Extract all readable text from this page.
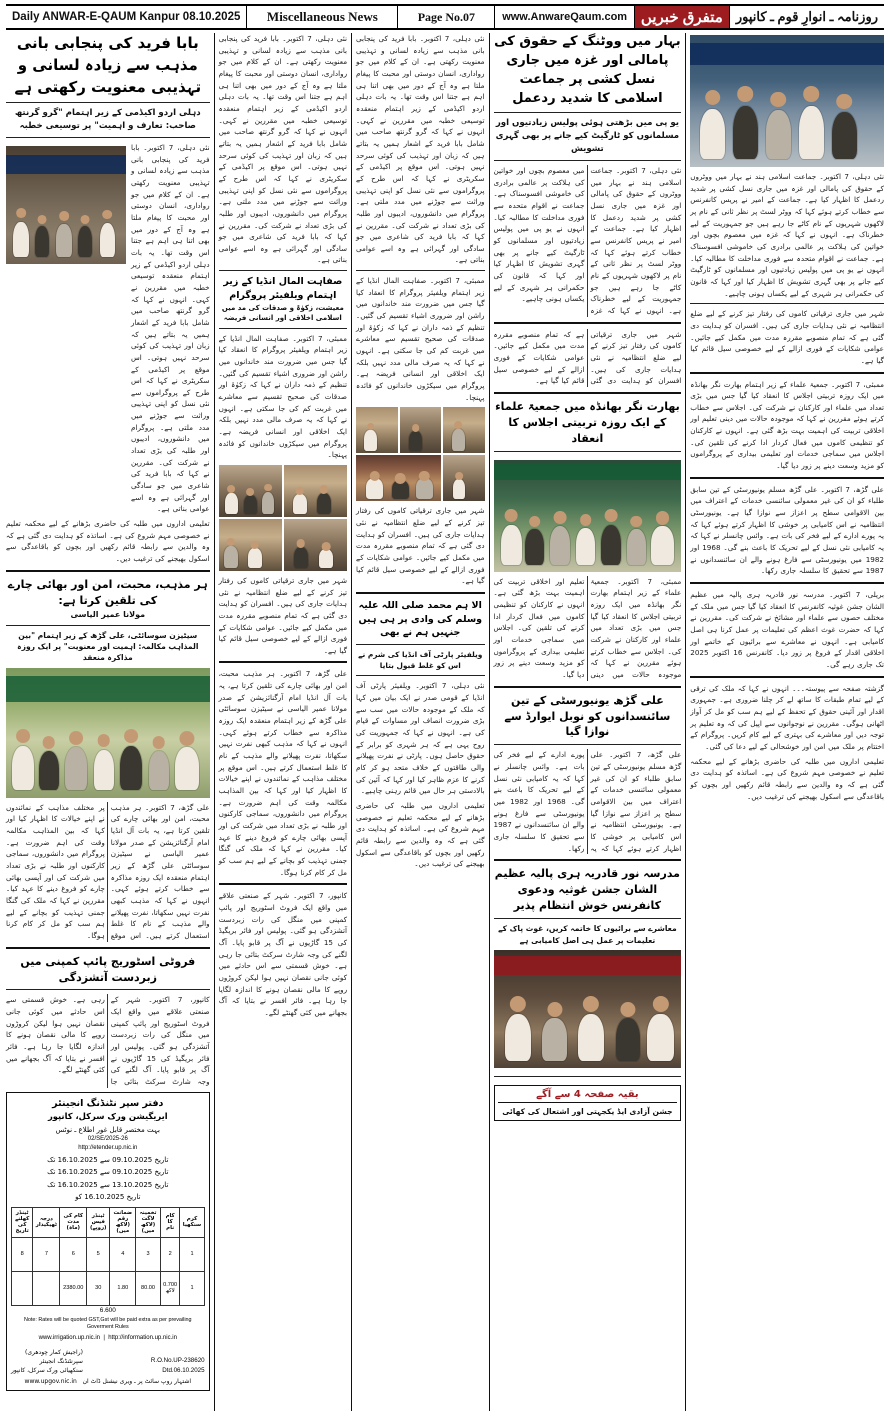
Daily ANWAR-E-QAUM Kanpur 08.10.2025	Miscellaneous News	Page No.07	www.AnwareQaum.com متفرق خبریں	روزنامہ ـ انوارِ قوم ـ کانپور
بابا فرید کی پنجابی بانی مذہب سے زیادہ لسانی و تہذیبی معنویت رکھتی ہے
دہلی اردو اکیڈمی کے زیر اہتمام "گرو گرنتھ صاحب: تعارف و اہمیت" پر توسیعی خطبہ
نئی دہلی، 7 اکتوبر۔ بابا فرید کی پنجابی بانی مذہب سے زیادہ لسانی و تہذیبی معنویت رکھتی ہے۔ ان کے کلام میں جو رواداری، انسان دوستی اور محبت کا پیغام ملتا ہے وہ آج کے دور میں بھی اتنا ہی اہم ہے جتنا اس وقت تھا۔ یہ بات دہلی اردو اکیڈمی کے زیر اہتمام منعقدہ توسیعی خطبہ میں مقررین نے کہی۔ انہوں نے کہا کہ گرو گرنتھ صاحب میں شامل بابا فرید کے اشعار ہمیں یہ بتاتے ہیں کہ زبان اور تہذیب کی کوئی سرحد نہیں ہوتی۔ اس موقع پر اکیڈمی کے سکریٹری نے کہا کہ اس طرح کے پروگراموں سے نئی نسل کو اپنی تہذیبی وراثت سے جوڑنے میں مدد ملتی ہے۔ پروگرام میں دانشوروں، ادیبوں اور طلبہ کی بڑی تعداد نے شرکت کی۔ مقررین نے کہا کہ بابا فرید کی شاعری میں جو سادگی اور گہرائی ہے وہ اسے عوامی بناتی ہے۔
تعلیمی اداروں میں طلبہ کی حاضری بڑھانے کے لیے محکمہ تعلیم نے خصوصی مہم شروع کی ہے۔ اساتذہ کو ہدایت دی گئی ہے کہ وہ والدین سے رابطہ قائم رکھیں اور بچوں کو باقاعدگی سے اسکول بھیجنے کی ترغیب دیں۔
ہر مذہب، محبت، امن اور بھائی چارے کی تلقین کرتا ہے:
مولانا عمیر الیاسی
سیٹیزن سوسائٹی، علی گڑھ کے زیر اہتمام "بین المذاہب مکالمہ: اہمیت اور معنویت" پر ایک روزہ مذاکرہ منعقد
علی گڑھ، 7 اکتوبر۔ ہر مذہب محبت، امن اور بھائی چارے کی تلقین کرتا ہے، یہ بات آل انڈیا امام آرگنائزیشن کے صدر مولانا عمیر الیاسی نے سیٹیزن سوسائٹی علی گڑھ کے زیر اہتمام منعقدہ ایک روزہ مذاکرہ سے خطاب کرتے ہوئے کہی۔ انہوں نے کہا کہ مذہب کبھی نفرت نہیں سکھاتا، نفرت پھیلانے والے مذہب کے نام کا غلط استعمال کرتے ہیں۔ اس موقع پر مختلف مذاہب کے نمائندوں نے اپنے خیالات کا اظہار کیا اور کہا کہ بین المذاہب مکالمہ وقت کی اہم ضرورت ہے۔ پروگرام میں دانشوروں، سماجی کارکنوں اور طلبہ نے بڑی تعداد میں شرکت کی اور آپسی بھائی چارے کو فروغ دینے کا عہد کیا۔ مقررین نے کہا کہ ملک کی گنگا جمنی تہذیب کو بچانے کے لیے ہم سب کو مل کر کام کرنا ہوگا۔
فروٹی اسٹوریج پائپ کمپنی میں زبردست آتشزدگی
کانپور، 7 اکتوبر۔ شہر کے صنعتی علاقے میں واقع ایک فروٹ اسٹوریج اور پائپ کمپنی میں منگل کی رات زبردست آتشزدگی ہو گئی۔ پولیس اور فائر بریگیڈ کی 15 گاڑیوں نے آگ پر قابو پایا۔ آگ لگنے کی وجہ شارٹ سرکٹ بتائی جا رہی ہے۔ خوش قسمتی سے اس حادثے میں کوئی جانی نقصان نہیں ہوا لیکن کروڑوں روپے کا مالی نقصان ہونے کا اندازہ لگایا جا رہا ہے۔ فائر افسر نے بتایا کہ آگ بجھانے میں کئی گھنٹے لگے۔
دفتر سپر نٹنڈنگ انجینئر
ایریگیشن ورک سرکل، کانپور
بہت مختصر قابل غور اطلاع ـ نوٹس
02/SE/2025-26
http://etender.up.nic.in
تاریخ 09.10.2025 سے 16.10.2025 تک
تاریخ 09.10.2025 سے 16.10.2025 تک
تاریخ 13.10.2025 سے 16.10.2025 تک
تاریخ 16.10.2025 کو
ٹینڈر کھلنے کی تاریخ	درجہ ٹھیکیدار	کام کی مدت (ماہ)	ٹینڈر فیس (روپے)	ضمانت رقم (لاکھ میں)	تخمینہ لاگت (لاکھ میں)	کام کا نام	کرم سنکھیا
8	7	6	5	4	3	2	1
		2380.00	30	1.80	80.00	0.700 لاکھ	1
6.600
Note: Rates will be quoted GST,Gst will be paid extra as per prevailing Goverment Rules
www.irrigation.up.nic.in  |  http://information.up.nic.in
R.O.No.UP-238620
Dtd.06.10.2025
(راجیش کمار چودھری)
سپرنٹنڈنگ انجینئر
سنکھیائی ورک سرکل، کانپور
اشتہار روپ سائٹ پر ـ ویری نیشنل ڈاٹ ان   www.upgov.nic.in
نئی دہلی، 7 اکتوبر۔ بابا فرید کی پنجابی بانی مذہب سے زیادہ لسانی و تہذیبی معنویت رکھتی ہے۔ ان کے کلام میں جو رواداری، انسان دوستی اور محبت کا پیغام ملتا ہے وہ آج کے دور میں بھی اتنا ہی اہم ہے جتنا اس وقت تھا۔ یہ بات دہلی اردو اکیڈمی کے زیر اہتمام منعقدہ توسیعی خطبہ میں مقررین نے کہی۔ انہوں نے کہا کہ گرو گرنتھ صاحب میں شامل بابا فرید کے اشعار ہمیں یہ بتاتے ہیں کہ زبان اور تہذیب کی کوئی سرحد نہیں ہوتی۔ اس موقع پر اکیڈمی کے سکریٹری نے کہا کہ اس طرح کے پروگراموں سے نئی نسل کو اپنی تہذیبی وراثت سے جوڑنے میں مدد ملتی ہے۔ پروگرام میں دانشوروں، ادیبوں اور طلبہ کی بڑی تعداد نے شرکت کی۔ مقررین نے کہا کہ بابا فرید کی شاعری میں جو سادگی اور گہرائی ہے وہ اسے عوامی بناتی ہے۔
صفاہت المال انڈیا کے زیر اہتمام ویلفیئر پروگرام
معیشت، زکوٰۃ و صدقات کی مد میں اسلامی اخلاقی اور انسانی فریضہ
ممبئی، 7 اکتوبر۔ صفاہت المال انڈیا کے زیر اہتمام ویلفیئر پروگرام کا انعقاد کیا گیا جس میں ضرورت مند خاندانوں میں راشن اور ضروری اشیاء تقسیم کی گئیں۔ تنظیم کے ذمہ داران نے کہا کہ زکوٰۃ اور صدقات کی صحیح تقسیم سے معاشرے میں غربت کم کی جا سکتی ہے۔ انہوں نے کہا کہ یہ صرف مالی مدد نہیں بلکہ ایک اخلاقی اور انسانی فریضہ ہے۔ پروگرام میں سیکڑوں خاندانوں کو فائدہ پہنچا۔
شہر میں جاری ترقیاتی کاموں کی رفتار تیز کرنے کے لیے ضلع انتظامیہ نے نئی ہدایات جاری کی ہیں۔ افسران کو ہدایت دی گئی ہے کہ تمام منصوبے مقررہ مدت میں مکمل کیے جائیں۔ عوامی شکایات کے فوری ازالے کے لیے خصوصی سیل قائم کیا گیا ہے۔
علی گڑھ، 7 اکتوبر۔ ہر مذہب محبت، امن اور بھائی چارے کی تلقین کرتا ہے، یہ بات آل انڈیا امام آرگنائزیشن کے صدر مولانا عمیر الیاسی نے سیٹیزن سوسائٹی علی گڑھ کے زیر اہتمام منعقدہ ایک روزہ مذاکرہ سے خطاب کرتے ہوئے کہی۔ انہوں نے کہا کہ مذہب کبھی نفرت نہیں سکھاتا، نفرت پھیلانے والے مذہب کے نام کا غلط استعمال کرتے ہیں۔ اس موقع پر مختلف مذاہب کے نمائندوں نے اپنے خیالات کا اظہار کیا اور کہا کہ بین المذاہب مکالمہ وقت کی اہم ضرورت ہے۔ پروگرام میں دانشوروں، سماجی کارکنوں اور طلبہ نے بڑی تعداد میں شرکت کی اور آپسی بھائی چارے کو فروغ دینے کا عہد کیا۔ مقررین نے کہا کہ ملک کی گنگا جمنی تہذیب کو بچانے کے لیے ہم سب کو مل کر کام کرنا ہوگا۔
کانپور، 7 اکتوبر۔ شہر کے صنعتی علاقے میں واقع ایک فروٹ اسٹوریج اور پائپ کمپنی میں منگل کی رات زبردست آتشزدگی ہو گئی۔ پولیس اور فائر بریگیڈ کی 15 گاڑیوں نے آگ پر قابو پایا۔ آگ لگنے کی وجہ شارٹ سرکٹ بتائی جا رہی ہے۔ خوش قسمتی سے اس حادثے میں کوئی جانی نقصان نہیں ہوا لیکن کروڑوں روپے کا مالی نقصان ہونے کا اندازہ لگایا جا رہا ہے۔ فائر افسر نے بتایا کہ آگ بجھانے میں کئی گھنٹے لگے۔
نئی دہلی، 7 اکتوبر۔ بابا فرید کی پنجابی بانی مذہب سے زیادہ لسانی و تہذیبی معنویت رکھتی ہے۔ ان کے کلام میں جو رواداری، انسان دوستی اور محبت کا پیغام ملتا ہے وہ آج کے دور میں بھی اتنا ہی اہم ہے جتنا اس وقت تھا۔ یہ بات دہلی اردو اکیڈمی کے زیر اہتمام منعقدہ توسیعی خطبہ میں مقررین نے کہی۔ انہوں نے کہا کہ گرو گرنتھ صاحب میں شامل بابا فرید کے اشعار ہمیں یہ بتاتے ہیں کہ زبان اور تہذیب کی کوئی سرحد نہیں ہوتی۔ اس موقع پر اکیڈمی کے سکریٹری نے کہا کہ اس طرح کے پروگراموں سے نئی نسل کو اپنی تہذیبی وراثت سے جوڑنے میں مدد ملتی ہے۔ پروگرام میں دانشوروں، ادیبوں اور طلبہ کی بڑی تعداد نے شرکت کی۔ مقررین نے کہا کہ بابا فرید کی شاعری میں جو سادگی اور گہرائی ہے وہ اسے عوامی بناتی ہے۔
ممبئی، 7 اکتوبر۔ صفاہت المال انڈیا کے زیر اہتمام ویلفیئر پروگرام کا انعقاد کیا گیا جس میں ضرورت مند خاندانوں میں راشن اور ضروری اشیاء تقسیم کی گئیں۔ تنظیم کے ذمہ داران نے کہا کہ زکوٰۃ اور صدقات کی صحیح تقسیم سے معاشرے میں غربت کم کی جا سکتی ہے۔ انہوں نے کہا کہ یہ صرف مالی مدد نہیں بلکہ ایک اخلاقی اور انسانی فریضہ ہے۔ پروگرام میں سیکڑوں خاندانوں کو فائدہ پہنچا۔
شہر میں جاری ترقیاتی کاموں کی رفتار تیز کرنے کے لیے ضلع انتظامیہ نے نئی ہدایات جاری کی ہیں۔ افسران کو ہدایت دی گئی ہے کہ تمام منصوبے مقررہ مدت میں مکمل کیے جائیں۔ عوامی شکایات کے فوری ازالے کے لیے خصوصی سیل قائم کیا گیا ہے۔
الا ہم محمد صلی اللہ علیہ وسلم کی وادی پر ہی ہیں جنہیں ہم نے بھی
ویلفیئر پارٹی آف انڈیا کی شرم نے اس کو غلط قبول بتایا
نئی دہلی، 7 اکتوبر۔ ویلفیئر پارٹی آف انڈیا کے قومی صدر نے ایک بیان میں کہا کہ ملک کے موجودہ حالات میں سب سے بڑی ضرورت انصاف اور مساوات کے قیام کی ہے۔ انہوں نے کہا کہ جمہوریت کی روح یہی ہے کہ ہر شہری کو برابر کے حقوق حاصل ہوں۔ پارٹی نے نفرت پھیلانے والی طاقتوں کے خلاف متحد ہو کر کام کرنے کا عزم ظاہر کیا اور کہا کہ آئین کی بالادستی ہر حال میں قائم رہنی چاہیے۔
تعلیمی اداروں میں طلبہ کی حاضری بڑھانے کے لیے محکمہ تعلیم نے خصوصی مہم شروع کی ہے۔ اساتذہ کو ہدایت دی گئی ہے کہ وہ والدین سے رابطہ قائم رکھیں اور بچوں کو باقاعدگی سے اسکول بھیجنے کی ترغیب دیں۔
بہار میں ووٹنگ کے حقوق کی پامالی اور غزہ میں جاری نسل کشی پر جماعت اسلامی کا شدید ردعمل
یو پی میں بڑھتی ہوئی پولیس زیادتیوں اور مسلمانوں کو ٹارگیٹ کیے جانے پر بھی گہری تشویش
نئی دہلی، 7 اکتوبر۔ جماعت اسلامی ہند نے بہار میں ووٹروں کے حقوق کی پامالی اور غزہ میں جاری نسل کشی پر شدید ردعمل کا اظہار کیا ہے۔ جماعت کے امیر نے پریس کانفرنس سے خطاب کرتے ہوئے کہا کہ ووٹر لسٹ پر نظر ثانی کے نام پر لاکھوں شہریوں کے نام کاٹے جا رہے ہیں جو جمہوریت کے لیے خطرناک ہے۔ انہوں نے کہا کہ غزہ میں معصوم بچوں اور خواتین کی ہلاکت پر عالمی برادری کی خاموشی افسوسناک ہے۔ جماعت نے اقوام متحدہ سے فوری مداخلت کا مطالبہ کیا۔ انہوں نے یو پی میں پولیس زیادتیوں اور مسلمانوں کو ٹارگیٹ کیے جانے پر بھی گہری تشویش کا اظہار کیا اور کہا کہ قانون کی حکمرانی ہر شہری کے لیے یکساں ہونی چاہیے۔
شہر میں جاری ترقیاتی کاموں کی رفتار تیز کرنے کے لیے ضلع انتظامیہ نے نئی ہدایات جاری کی ہیں۔ افسران کو ہدایت دی گئی ہے کہ تمام منصوبے مقررہ مدت میں مکمل کیے جائیں۔ عوامی شکایات کے فوری ازالے کے لیے خصوصی سیل قائم کیا گیا ہے۔
بھارت نگر بھانڈہ میں جمعیۃ علماء کے ایک روزہ تربیتی اجلاس کا انعقاد
ممبئی، 7 اکتوبر۔ جمعیۃ علماء کے زیر اہتمام بھارت نگر بھانڈہ میں ایک روزہ تربیتی اجلاس کا انعقاد کیا گیا جس میں بڑی تعداد میں علماء اور کارکنان نے شرکت کی۔ اجلاس سے خطاب کرتے ہوئے مقررین نے کہا کہ موجودہ حالات میں دینی تعلیم اور اخلاقی تربیت کی اہمیت بہت بڑھ گئی ہے۔ انہوں نے کارکنان کو تنظیمی کاموں میں فعال کردار ادا کرنے کی تلقین کی۔ اجلاس میں سماجی خدمات اور تعلیمی بیداری کے پروگراموں کو مزید وسعت دینے پر زور دیا گیا۔
علی گڑھ یونیورسٹی کے تین سائنسدانوں کو نوبل ایوارڈ سے نوازا گیا
علی گڑھ، 7 اکتوبر۔ علی گڑھ مسلم یونیورسٹی کے تین سابق طلباء کو ان کی غیر معمولی سائنسی خدمات کے اعتراف میں بین الاقوامی سطح پر اعزاز سے نوازا گیا ہے۔ یونیورسٹی انتظامیہ نے اس کامیابی پر خوشی کا اظہار کرتے ہوئے کہا کہ یہ پورے ادارے کے لیے فخر کی بات ہے۔ وائس چانسلر نے کہا کہ یہ کامیابی نئی نسل کے لیے تحریک کا باعث بنے گی۔ 1968 اور 1982 میں یونیورسٹی سے فارغ ہونے والے ان سائنسدانوں نے 1987 سے تحقیق کا سلسلہ جاری رکھا۔
مدرسہ نور قادریہ ہری پالیہ عظیم الشان جشن غوثیہ ودعوی کانفرنس خوش انتظام پذیر
معاشرے سے برائیوں کا خاتمہ کریں، غوث پاک کے تعلیمات پر عمل ہی اصل کامیابی ہے
بقیہ صفحہ 4 سے آگے
جشن آزادی ایڈ یکجہتی اور اشتعال کی کھائی
نئی دہلی، 7 اکتوبر۔ جماعت اسلامی ہند نے بہار میں ووٹروں کے حقوق کی پامالی اور غزہ میں جاری نسل کشی پر شدید ردعمل کا اظہار کیا ہے۔ جماعت کے امیر نے پریس کانفرنس سے خطاب کرتے ہوئے کہا کہ ووٹر لسٹ پر نظر ثانی کے نام پر لاکھوں شہریوں کے نام کاٹے جا رہے ہیں جو جمہوریت کے لیے خطرناک ہے۔ انہوں نے کہا کہ غزہ میں معصوم بچوں اور خواتین کی ہلاکت پر عالمی برادری کی خاموشی افسوسناک ہے۔ جماعت نے اقوام متحدہ سے فوری مداخلت کا مطالبہ کیا۔ انہوں نے یو پی میں پولیس زیادتیوں اور مسلمانوں کو ٹارگیٹ کیے جانے پر بھی گہری تشویش کا اظہار کیا اور کہا کہ قانون کی حکمرانی ہر شہری کے لیے یکساں ہونی چاہیے۔
شہر میں جاری ترقیاتی کاموں کی رفتار تیز کرنے کے لیے ضلع انتظامیہ نے نئی ہدایات جاری کی ہیں۔ افسران کو ہدایت دی گئی ہے کہ تمام منصوبے مقررہ مدت میں مکمل کیے جائیں۔ عوامی شکایات کے فوری ازالے کے لیے خصوصی سیل قائم کیا گیا ہے۔
ممبئی، 7 اکتوبر۔ جمعیۃ علماء کے زیر اہتمام بھارت نگر بھانڈہ میں ایک روزہ تربیتی اجلاس کا انعقاد کیا گیا جس میں بڑی تعداد میں علماء اور کارکنان نے شرکت کی۔ اجلاس سے خطاب کرتے ہوئے مقررین نے کہا کہ موجودہ حالات میں دینی تعلیم اور اخلاقی تربیت کی اہمیت بہت بڑھ گئی ہے۔ انہوں نے کارکنان کو تنظیمی کاموں میں فعال کردار ادا کرنے کی تلقین کی۔ اجلاس میں سماجی خدمات اور تعلیمی بیداری کے پروگراموں کو مزید وسعت دینے پر زور دیا گیا۔
علی گڑھ، 7 اکتوبر۔ علی گڑھ مسلم یونیورسٹی کے تین سابق طلباء کو ان کی غیر معمولی سائنسی خدمات کے اعتراف میں بین الاقوامی سطح پر اعزاز سے نوازا گیا ہے۔ یونیورسٹی انتظامیہ نے اس کامیابی پر خوشی کا اظہار کرتے ہوئے کہا کہ یہ پورے ادارے کے لیے فخر کی بات ہے۔ وائس چانسلر نے کہا کہ یہ کامیابی نئی نسل کے لیے تحریک کا باعث بنے گی۔ 1968 اور 1982 میں یونیورسٹی سے فارغ ہونے والے ان سائنسدانوں نے 1987 سے تحقیق کا سلسلہ جاری رکھا۔
بریلی، 7 اکتوبر۔ مدرسہ نور قادریہ ہری پالیہ میں عظیم الشان جشن غوثیہ کانفرنس کا انعقاد کیا گیا جس میں ملک کے مختلف حصوں سے علماء اور مشائخ نے شرکت کی۔ مقررین نے کہا کہ حضرت غوث اعظم کی تعلیمات پر عمل کرنا ہی اصل کامیابی ہے۔ انہوں نے معاشرے سے برائیوں کے خاتمے اور اخلاقی اقدار کے فروغ پر زور دیا۔ کانفرنس 16 اکتوبر 2025 تک جاری رہے گی۔
گزشتہ صفحہ سے پیوستہ۔۔۔ انہوں نے کہا کہ ملک کی ترقی کے لیے تمام طبقات کا ساتھ لے کر چلنا ضروری ہے۔ جمہوری اقدار اور آئینی حقوق کے تحفظ کے لیے ہم سب کو مل کر آواز اٹھانی ہوگی۔ مقررین نے نوجوانوں سے اپیل کی کہ وہ تعلیم پر توجہ دیں اور معاشرے کی بہتری کے لیے کام کریں۔ پروگرام کے اختتام پر ملک میں امن اور خوشحالی کے لیے دعا کی گئی۔
تعلیمی اداروں میں طلبہ کی حاضری بڑھانے کے لیے محکمہ تعلیم نے خصوصی مہم شروع کی ہے۔ اساتذہ کو ہدایت دی گئی ہے کہ وہ والدین سے رابطہ قائم رکھیں اور بچوں کو باقاعدگی سے اسکول بھیجنے کی ترغیب دیں۔
